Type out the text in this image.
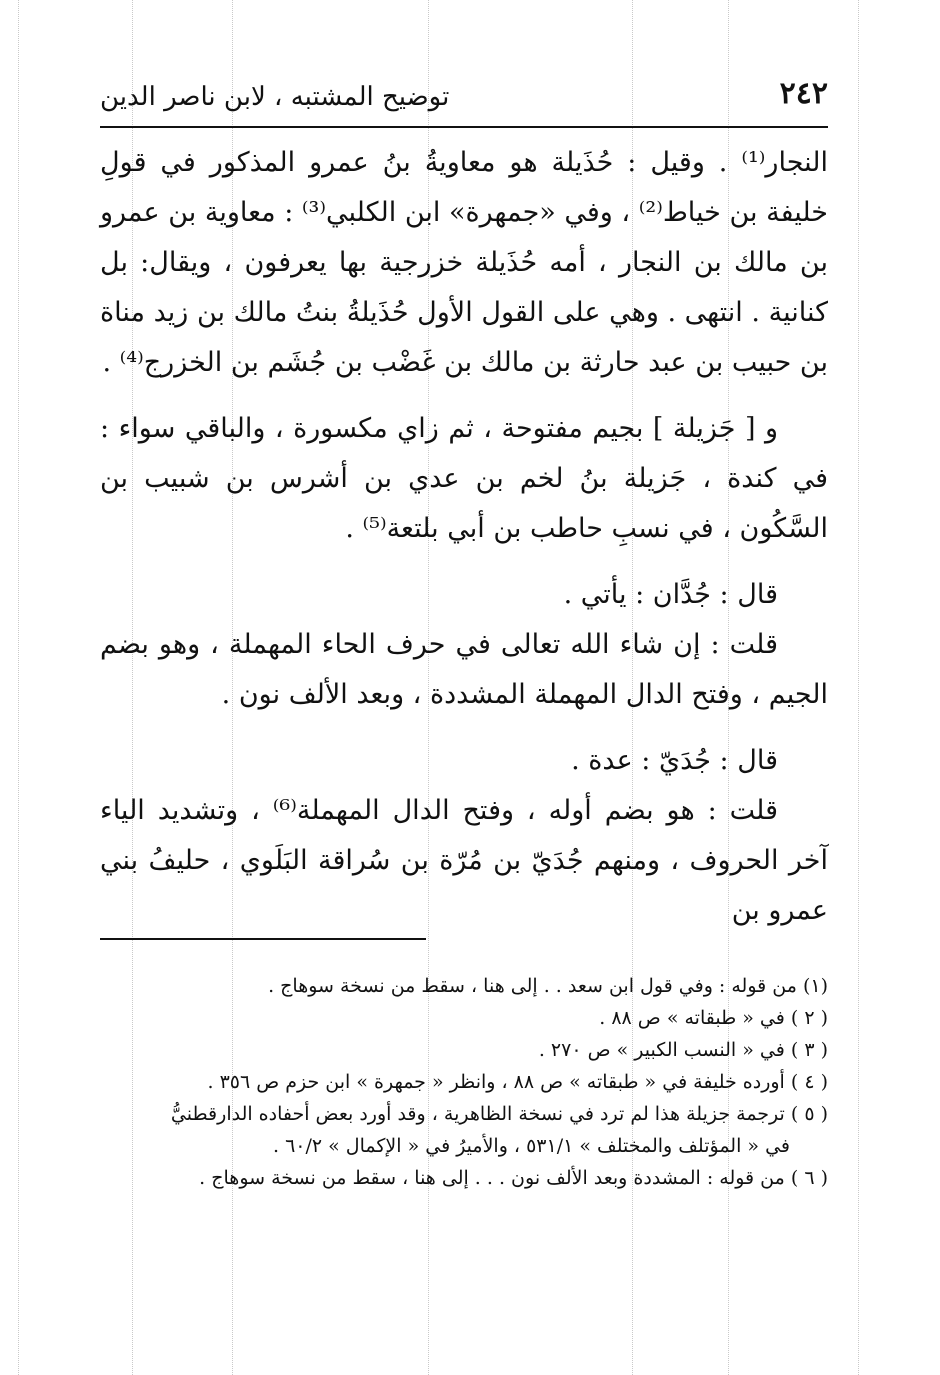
٢٤٢
توضيح المشتبه ، لابن ناصر الدين

النجار⁽¹⁾ . وقيل : حُذَيلة هو معاويةُ بنُ عمرو المذكور في قولِ خليفة بن خياط⁽²⁾ ، وفي «جمهرة» ابن الكلبي⁽³⁾ : معاوية بن عمرو بن مالك بن النجار ، أمه حُذَيلة خزرجية بها يعرفون ، ويقال: بل كنانية . انتهى . وهي على القول الأول حُذَيلةُ بنتُ مالك بن زيد مناة بن حبيب بن عبد حارثة بن مالك بن غَضْب بن جُشَم بن الخزرج⁽⁴⁾ .

و [ جَزيلة ] بجيم مفتوحة ، ثم زاي مكسورة ، والباقي سواء : في كندة ، جَزيلة بنُ لخم بن عدي بن أشرس بن شبيب بن السَّكُون ، في نسبِ حاطب بن أبي بلتعة⁽⁵⁾ .

قال : جُدَّان : يأتي .

قلت : إن شاء الله تعالى في حرف الحاء المهملة ، وهو بضم الجيم ، وفتح الدال المهملة المشددة ، وبعد الألف نون .

قال : جُدَيّ : عدة .

قلت : هو بضم أوله ، وفتح الدال المهملة⁽⁶⁾ ، وتشديد الياء آخر الحروف ، ومنهم جُدَيّ بن مُرّة بن سُراقة البَلَوي ، حليفُ بني عمرو بن

(١) من قوله : وفي قول ابن سعد . . إلى هنا ، سقط من نسخة سوهاج .

( ٢ ) في « طبقاته » ص ٨٨ .

( ٣ ) في « النسب الكبير » ص ٢٧٠ .

( ٤ ) أورده خليفة في « طبقاته » ص ٨٨ ، وانظر « جمهرة » ابن حزم ص ٣٥٦ .

( ٥ ) ترجمة جزيلة هذا لم ترد في نسخة الظاهرية ، وقد أورد بعض أحفاده الدارقطنيُّ

في « المؤتلف والمختلف » ٥٣١/١ ، والأميرُ في « الإكمال » ٦٠/٢ .

( ٦ ) من قوله : المشددة وبعد الألف نون . . . إلى هنا ، سقط من نسخة سوهاج .
